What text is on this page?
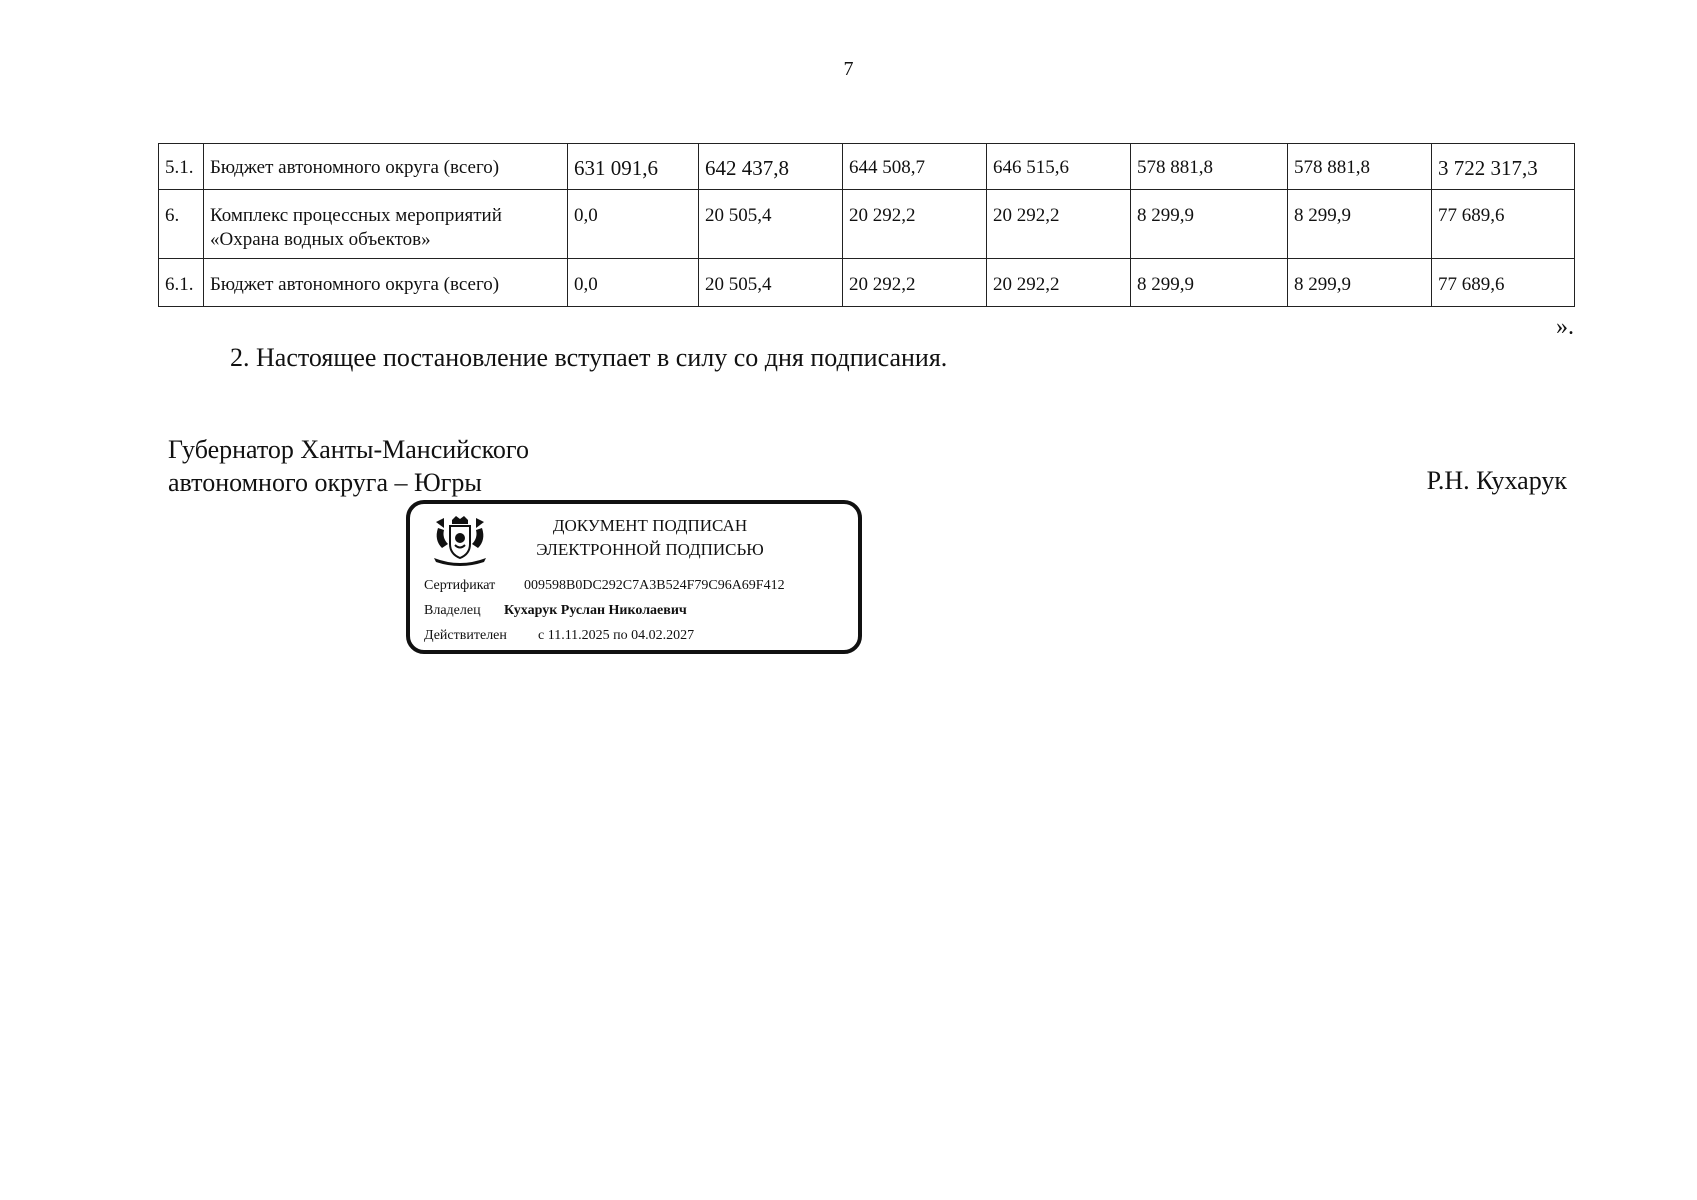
7
5.1.	Бюджет автономного округа (всего)	631 091,6	642 437,8	644 508,7	646 515,6	578 881,8	578 881,8	3 722 317,3
6.	Комплекс процессных мероприятий «Охрана водных объектов»	0,0	20 505,4	20 292,2	20 292,2	8 299,9	8 299,9	77 689,6
6.1.	Бюджет автономного округа (всего)	0,0	20 505,4	20 292,2	20 292,2	8 299,9	8 299,9	77 689,6
».
2. Настоящее постановление вступает в силу со дня подписания.
Губернатор Ханты-Мансийского
автономного округа – Югры	Р.Н. Кухарук
ДОКУМЕНТ ПОДПИСАН
ЭЛЕКТРОННОЙ ПОДПИСЬЮ
Сертификат 009598B0DC292C7A3B524F79C96A69F412
Владелец Кухарук Руслан Николаевич
Действителен с 11.11.2025 по 04.02.2027
